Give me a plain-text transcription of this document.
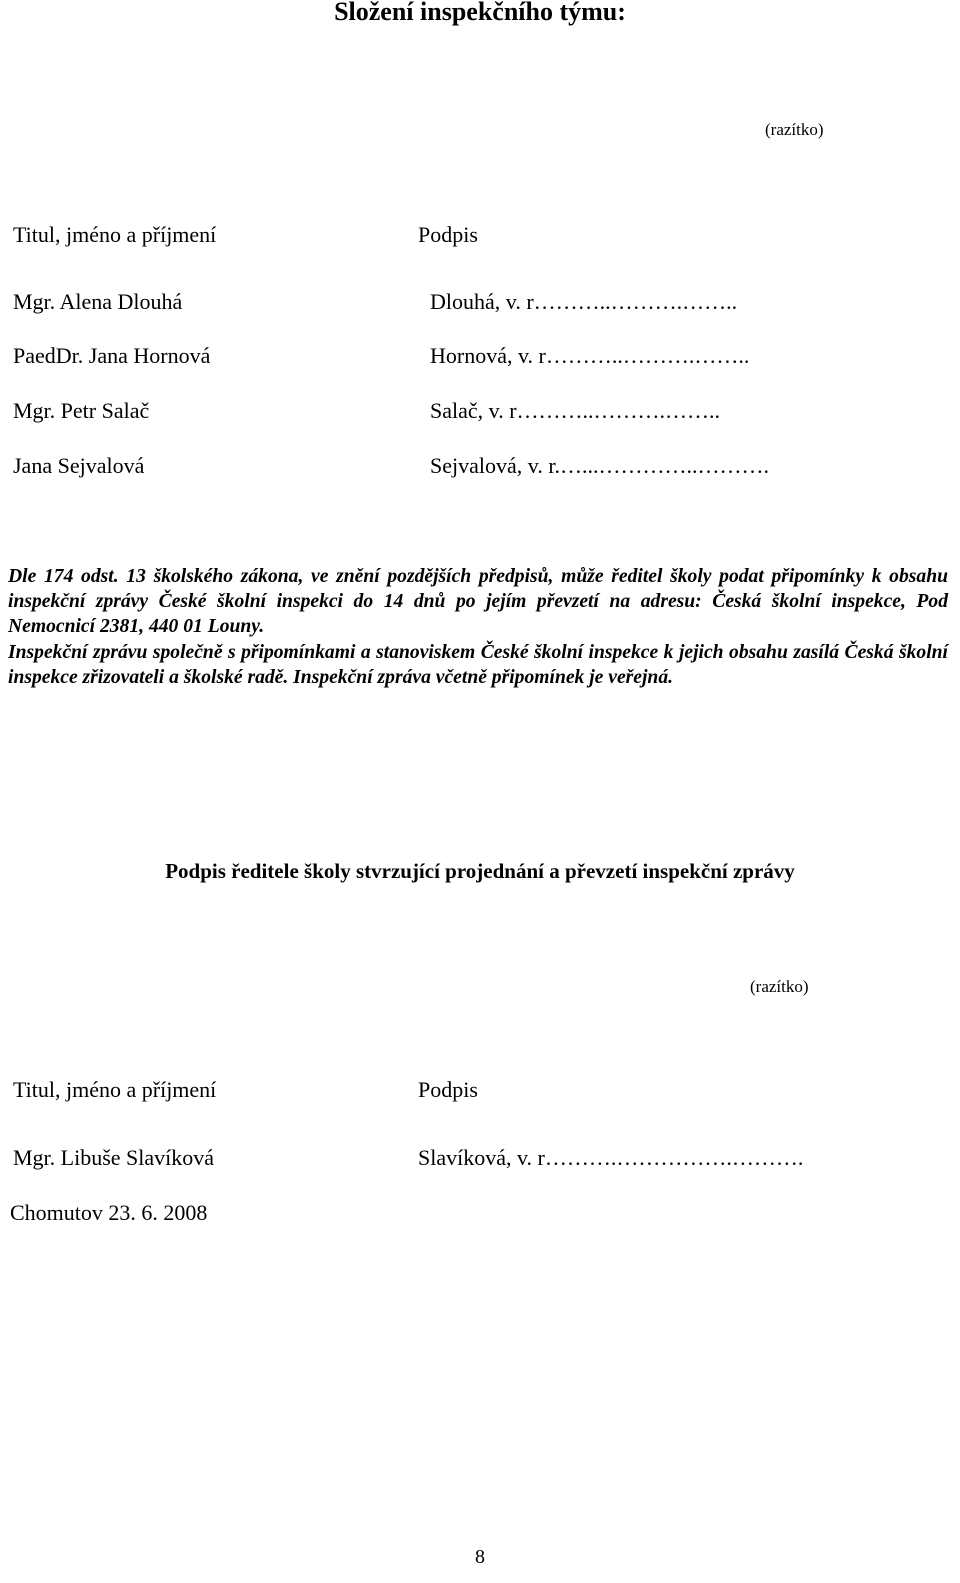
Složení inspekčního týmu:
(razítko)
Titul, jméno a příjmení	Podpis
Mgr. Alena Dlouhá	Dlouhá, v. r………..……….……..
PaedDr. Jana Hornová	Hornová, v. r………..……….……..
Mgr. Petr Salač	Salač, v. r………..……….……..
Jana Sejvalová	Sejvalová, v. r.…...…………..……….
Dle 174 odst. 13 školského zákona, ve znění pozdějších předpisů, může ředitel školy podat připomínky k obsahu inspekční zprávy České školní inspekci do 14 dnů po jejím převzetí na adresu: Česká školní inspekce, Pod Nemocnicí 2381, 440 01 Louny.
Inspekční zprávu společně s připomínkami a stanoviskem České školní inspekce k jejich obsahu zasílá Česká školní inspekce zřizovateli a školské radě. Inspekční zpráva včetně připomínek je veřejná.
Podpis ředitele školy stvrzující projednání a převzetí inspekční zprávy
(razítko)
Titul, jméno a příjmení	Podpis
Mgr. Libuše Slavíková	Slavíková, v. r……….…………….……….
Chomutov 23. 6. 2008
8
